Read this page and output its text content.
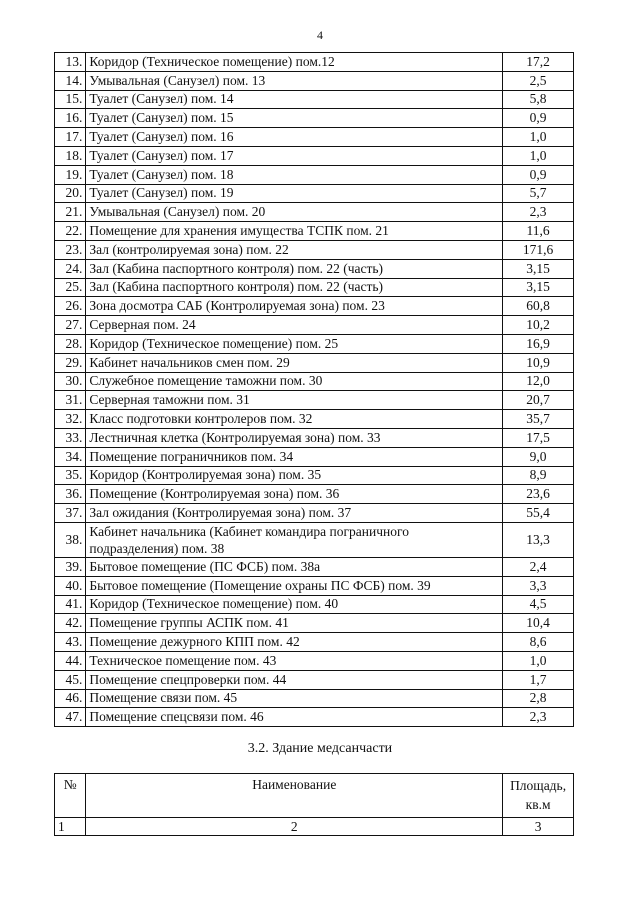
4
13.	Коридор (Техническое помещение) пом.12	17,2
14.	Умывальная (Санузел) пом. 13	2,5
15.	Туалет (Санузел) пом. 14	5,8
16.	Туалет (Санузел) пом. 15	0,9
17.	Туалет (Санузел) пом. 16	1,0
18.	Туалет (Санузел) пом. 17	1,0
19.	Туалет (Санузел) пом. 18	0,9
20.	Туалет (Санузел) пом. 19	5,7
21.	Умывальная (Санузел) пом. 20	2,3
22.	Помещение для хранения имущества ТСПК пом. 21	11,6
23.	Зал (контролируемая зона) пом. 22	171,6
24.	Зал (Кабина паспортного контроля) пом. 22 (часть)	3,15
25.	Зал (Кабина паспортного контроля) пом. 22 (часть)	3,15
26.	Зона досмотра САБ (Контролируемая зона) пом. 23	60,8
27.	Серверная пом. 24	10,2
28.	Коридор (Техническое помещение) пом. 25	16,9
29.	Кабинет начальников смен пом. 29	10,9
30.	Служебное помещение таможни пом. 30	12,0
31.	Серверная таможни пом. 31	20,7
32.	Класс подготовки контролеров пом. 32	35,7
33.	Лестничная клетка (Контролируемая зона) пом. 33	17,5
34.	Помещение пограничников пом. 34	9,0
35.	Коридор (Контролируемая зона) пом. 35	8,9
36.	Помещение (Контролируемая зона) пом. 36	23,6
37.	Зал ожидания (Контролируемая зона) пом. 37	55,4
38.	Кабинет начальника (Кабинет командира пограничного подразделения) пом. 38	13,3
39.	Бытовое помещение (ПС ФСБ) пом. 38а	2,4
40.	Бытовое помещение (Помещение охраны ПС ФСБ) пом. 39	3,3
41.	Коридор (Техническое помещение) пом. 40	4,5
42.	Помещение группы АСПК пом. 41	10,4
43.	Помещение дежурного КПП пом. 42	8,6
44.	Техническое помещение пом. 43	1,0
45.	Помещение спецпроверки пом. 44	1,7
46.	Помещение связи пом. 45	2,8
47.	Помещение спецсвязи пом. 46	2,3
3.2. Здание медсанчасти
№	Наименование	Площадь, кв.м
1	2	3
